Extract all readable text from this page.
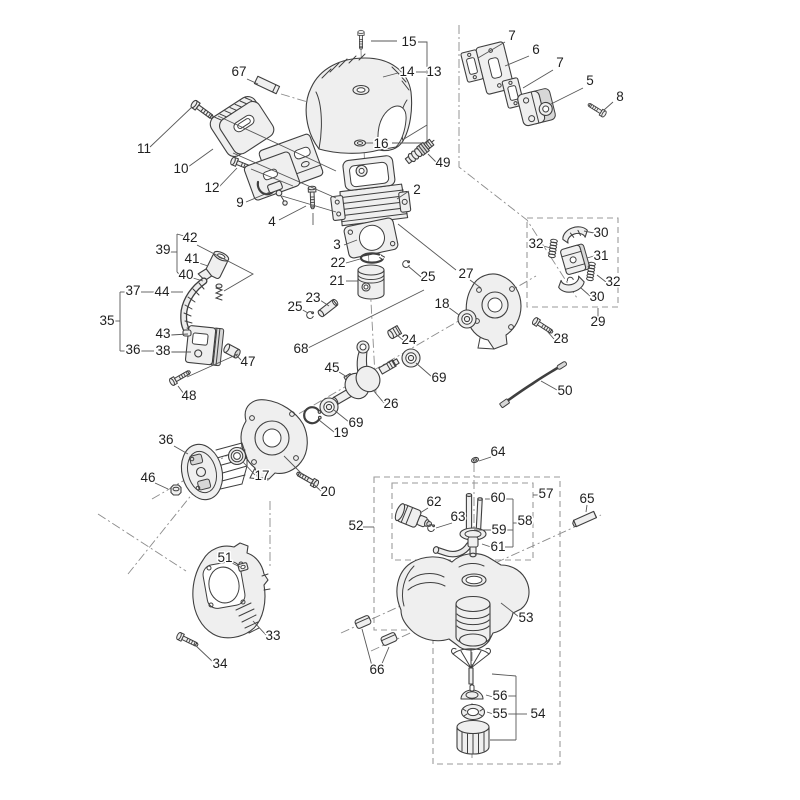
15
67	14 13
7
6
7
5
8
11
10
12
9
16
49
2
4
3
22
21	25
23
25
27
18
30
32
31
32
30
29
28
50
42
39
41
40
37 44
35
43
36 38
47
48
68
45
24
26
69
69
19
36
46	17
20
51
33
34
64
52
57
62
63
60
58
59
61
65
53
66
56
55 54
